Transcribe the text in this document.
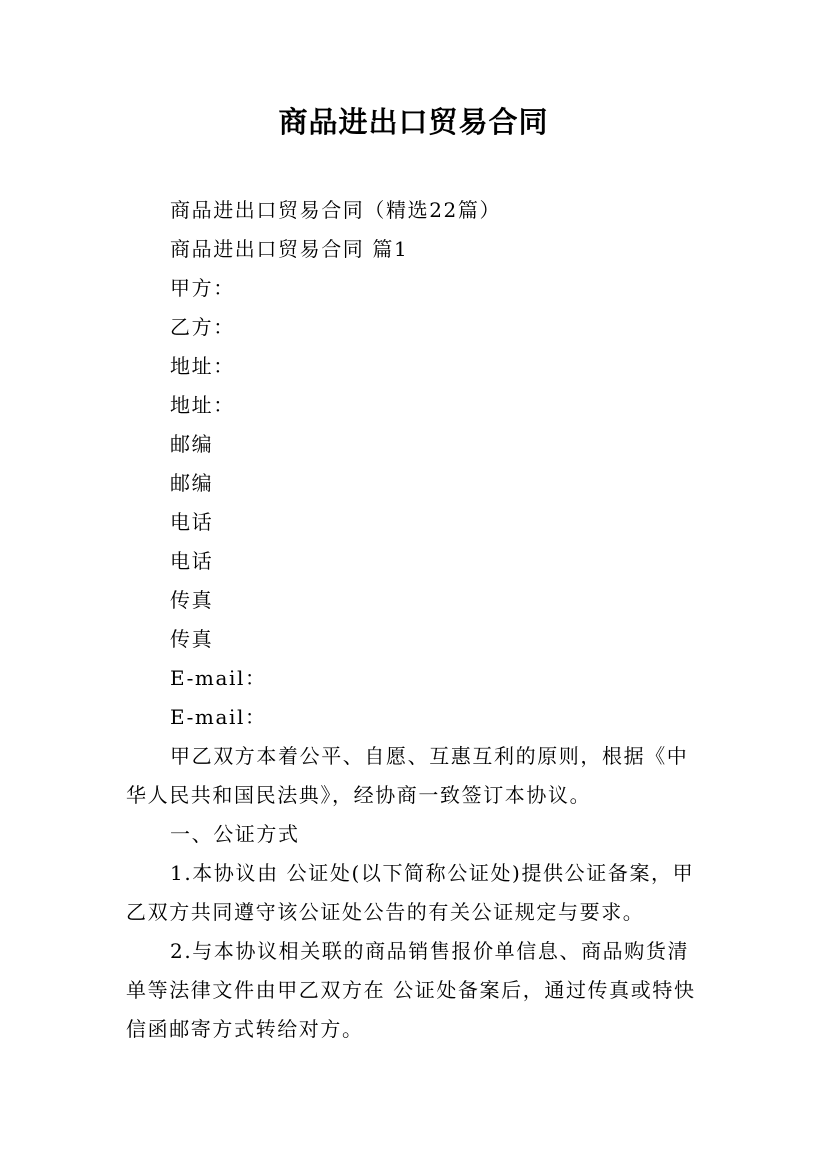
商品进出口贸易合同

商品进出口贸易合同（精选22篇）

商品进出口贸易合同 篇1

甲方：

乙方：

地址：

地址：

邮编

邮编

电话

电话

传真

传真

E-mail：

E-mail：

甲乙双方本着公平、自愿、互惠互利的原则，根据《中华人民共和国民法典》，经协商一致签订本协议。

一、公证方式

1.本协议由 公证处(以下简称公证处)提供公证备案，甲乙双方共同遵守该公证处公告的有关公证规定与要求。

2.与本协议相关联的商品销售报价单信息、商品购货清单等法律文件由甲乙双方在 公证处备案后，通过传真或特快信函邮寄方式转给对方。
